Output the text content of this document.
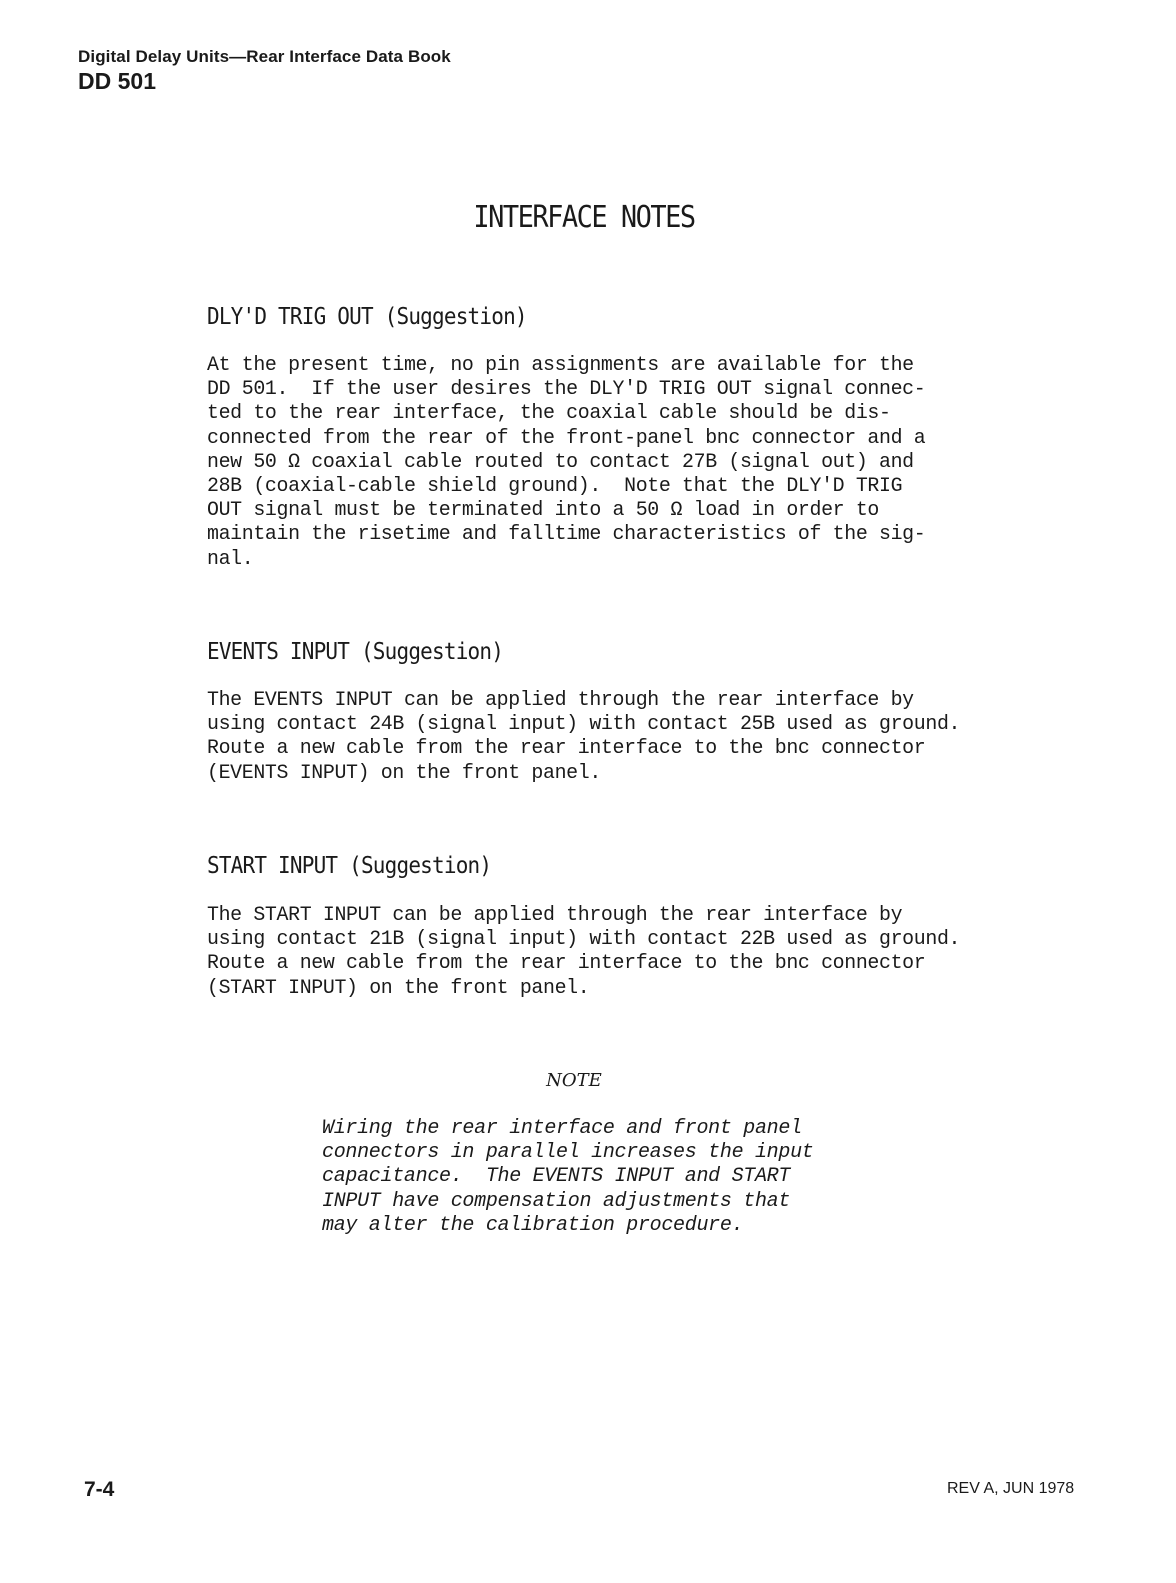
Digital Delay Units—Rear Interface Data Book
DD 501
INTERFACE NOTES
DLY'D TRIG OUT (Suggestion)
At the present time, no pin assignments are available for the
DD 501.  If the user desires the DLY'D TRIG OUT signal connec-
ted to the rear interface, the coaxial cable should be dis-
connected from the rear of the front-panel bnc connector and a
new 50 Ω coaxial cable routed to contact 27B (signal out) and
28B (coaxial-cable shield ground).  Note that the DLY'D TRIG
OUT signal must be terminated into a 50 Ω load in order to
maintain the risetime and falltime characteristics of the sig-
nal.
EVENTS INPUT (Suggestion)
The EVENTS INPUT can be applied through the rear interface by
using contact 24B (signal input) with contact 25B used as ground.
Route a new cable from the rear interface to the bnc connector
(EVENTS INPUT) on the front panel.
START INPUT (Suggestion)
The START INPUT can be applied through the rear interface by
using contact 21B (signal input) with contact 22B used as ground.
Route a new cable from the rear interface to the bnc connector
(START INPUT) on the front panel.
NOTE
Wiring the rear interface and front panel
connectors in parallel increases the input
capacitance.  The EVENTS INPUT and START
INPUT have compensation adjustments that
may alter the calibration procedure.
7-4	REV A, JUN 1978
